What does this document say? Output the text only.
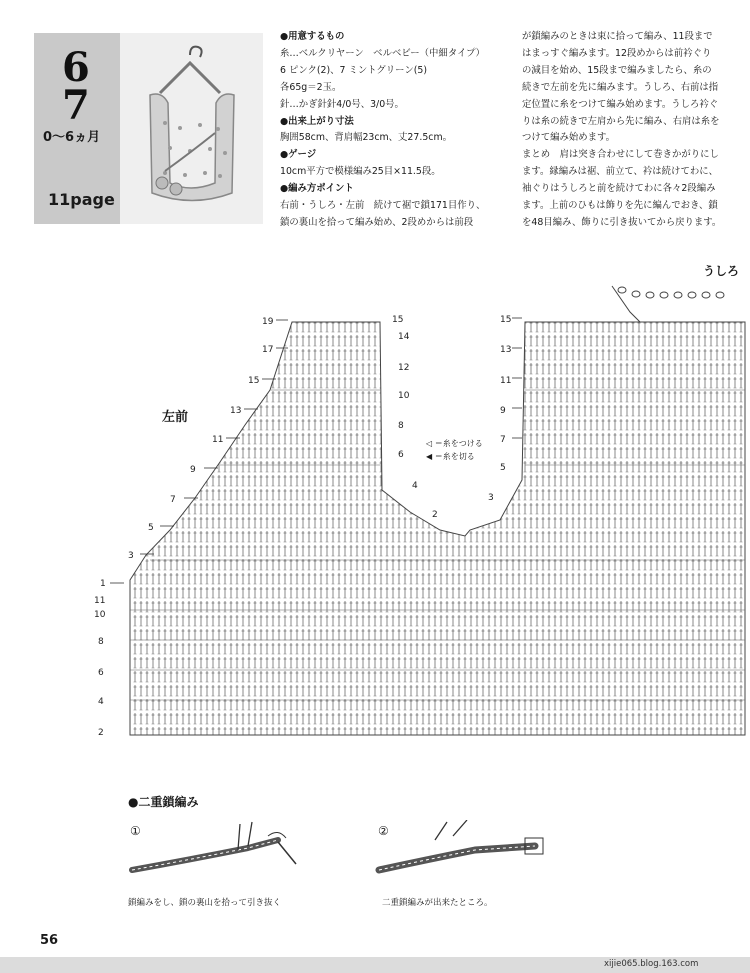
6
7
0〜6ヵ月
11page
●用意するもの
糸…ベルクリヤーン　ベルベビー（中細タイプ）
6 ピンク(2)、7 ミントグリーン(5)
各65g＝2玉。
針…かぎ針針4/0号、3/0号。
●出来上がり寸法
胸囲58cm、背肩幅23cm、丈27.5cm。
●ゲージ
10cm平方で模様編み25目×11.5段。
●編み方ポイント
右前・うしろ・左前　続けて裾で鎖171目作り、
鎖の裏山を拾って編み始め、2段めからは前段
が鎖編みのときは束に拾って編み、11段まで
はまっすぐ編みます。12段めからは前衿ぐり
の減目を始め、15段まで編みましたら、糸の
続きで左前を先に編みます。うしろ、右前は指
定位置に糸をつけて編み始めます。うしろ衿ぐ
りは糸の続きで左肩から先に編み、右肩は糸を
つけて編み始めます。
まとめ　肩は突き合わせにして巻きかがりにし
ます。縁編みは裾、前立て、衿は続けてわに、
袖ぐりはうしろと前を続けてわに各々2段編み
ます。上前のひもは飾りを先に編んでおき、鎖
を48目編み、飾りに引き抜いてから戻ります。
19
17
15
13
11
9
7
5
3
1
11
10
8
6
4
2
15
14
12
10
8
6
4
2
15
13
11
9
7
5
3
左前
うしろ
◁ ＝糸をつける
◀ ＝糸を切る
●二重鎖編み
①	②
鎖編みをし、鎖の裏山を拾って引き抜く	二重鎖編みが出来たところ。
56
xijie065.blog.163.com
